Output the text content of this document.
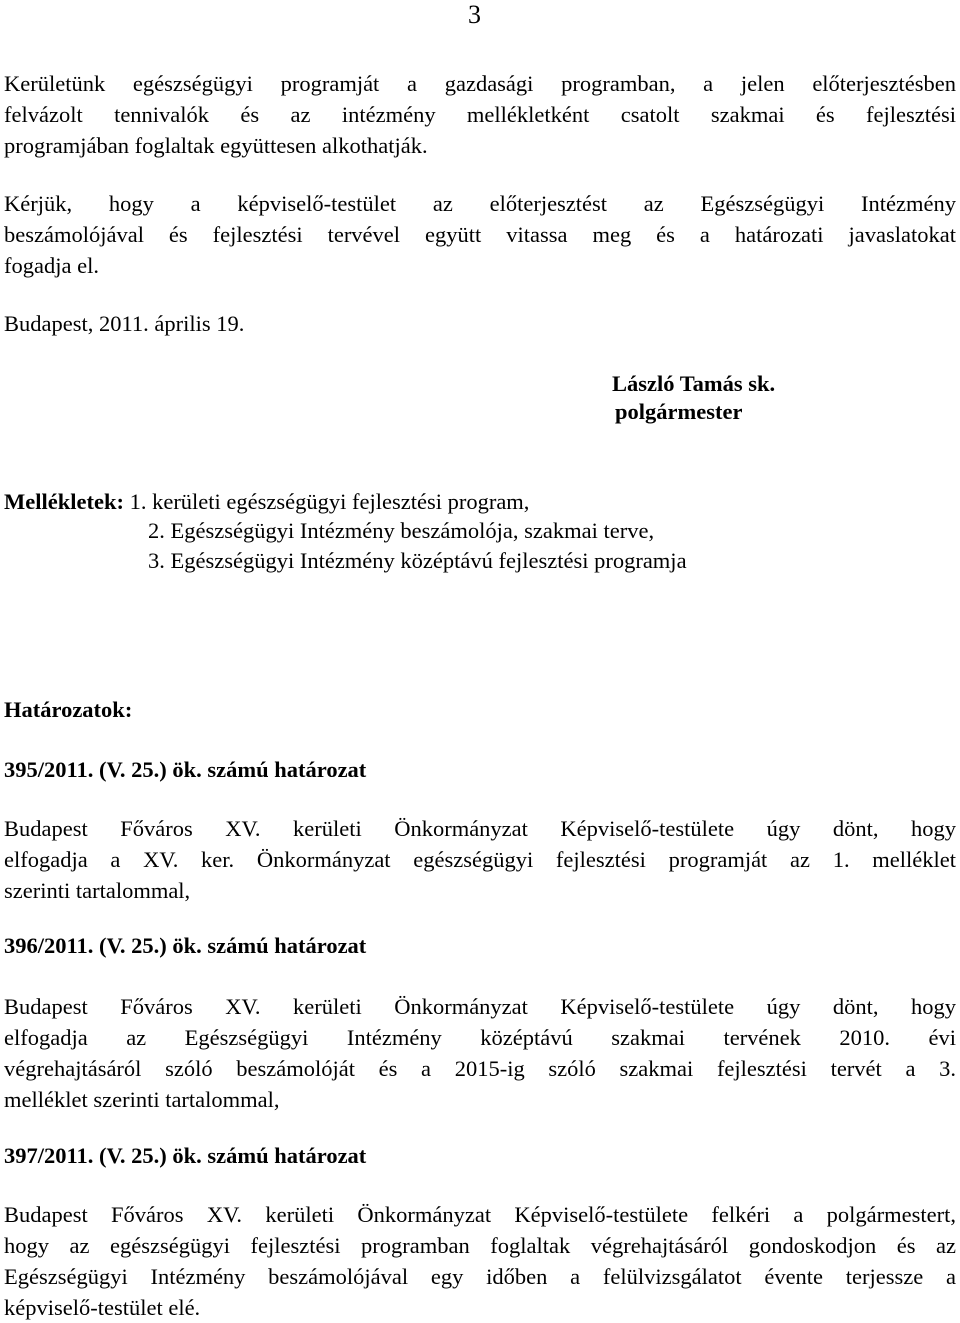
3
Kerületünk egészségügyi programját a gazdasági programban, a jelen előterjesztésben
felvázolt tennivalók és az intézmény mellékletként csatolt szakmai és fejlesztési
programjában foglaltak együttesen alkothatják.
Kérjük, hogy a képviselő-testület az előterjesztést az Egészségügyi Intézmény
beszámolójával és fejlesztési tervével együtt vitassa meg és a határozati javaslatokat
fogadja el.
Budapest, 2011. április 19.
László Tamás sk.
polgármester
Mellékletek: 1. kerületi egészségügyi fejlesztési program,
2. Egészségügyi Intézmény beszámolója, szakmai terve,
3. Egészségügyi Intézmény középtávú fejlesztési programja
Határozatok:
395/2011. (V. 25.) ök. számú határozat
Budapest Főváros XV. kerületi Önkormányzat Képviselő-testülete úgy dönt, hogy
elfogadja a XV. ker. Önkormányzat egészségügyi fejlesztési programját az 1. melléklet
szerinti tartalommal,
396/2011. (V. 25.) ök. számú határozat
Budapest Főváros XV. kerületi Önkormányzat Képviselő-testülete úgy dönt, hogy
elfogadja az Egészségügyi Intézmény középtávú szakmai tervének 2010. évi
végrehajtásáról szóló beszámolóját és a 2015-ig szóló szakmai fejlesztési tervét a 3.
melléklet szerinti tartalommal,
397/2011. (V. 25.) ök. számú határozat
Budapest Főváros XV. kerületi Önkormányzat Képviselő-testülete felkéri a polgármestert,
hogy az egészségügyi fejlesztési programban foglaltak végrehajtásáról gondoskodjon és az
Egészségügyi Intézmény beszámolójával egy időben a felülvizsgálatot évente terjessze a
képviselő-testület elé.
